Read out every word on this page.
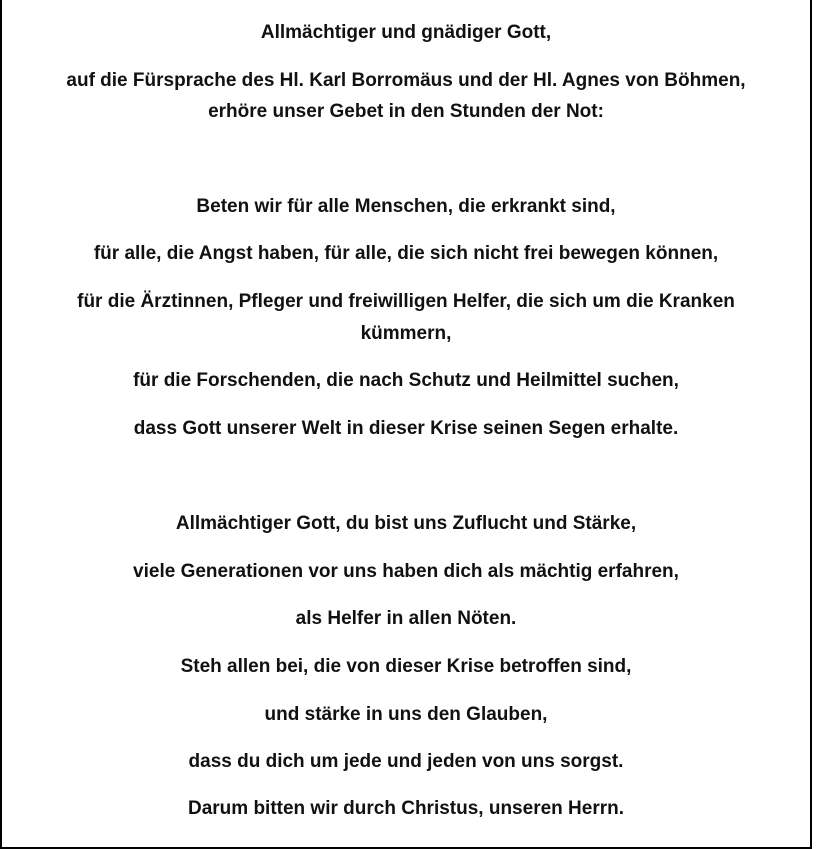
Allmächtiger und gnädiger Gott,
auf die Fürsprache des Hl. Karl Borromäus und der Hl. Agnes von Böhmen,
erhöre unser Gebet in den Stunden der Not:
Beten wir für alle Menschen, die erkrankt sind,
für alle, die Angst haben, für alle, die sich nicht frei bewegen können,
für die Ärztinnen, Pfleger und freiwilligen Helfer, die sich um die Kranken
kümmern,
für die Forschenden, die nach Schutz und Heilmittel suchen,
dass Gott unserer Welt in dieser Krise seinen Segen erhalte.
Allmächtiger Gott, du bist uns Zuflucht und Stärke,
viele Generationen vor uns haben dich als mächtig erfahren,
als Helfer in allen Nöten.
Steh allen bei, die von dieser Krise betroffen sind,
und stärke in uns den Glauben,
dass du dich um jede und jeden von uns sorgst.
Darum bitten wir durch Christus, unseren Herrn.
